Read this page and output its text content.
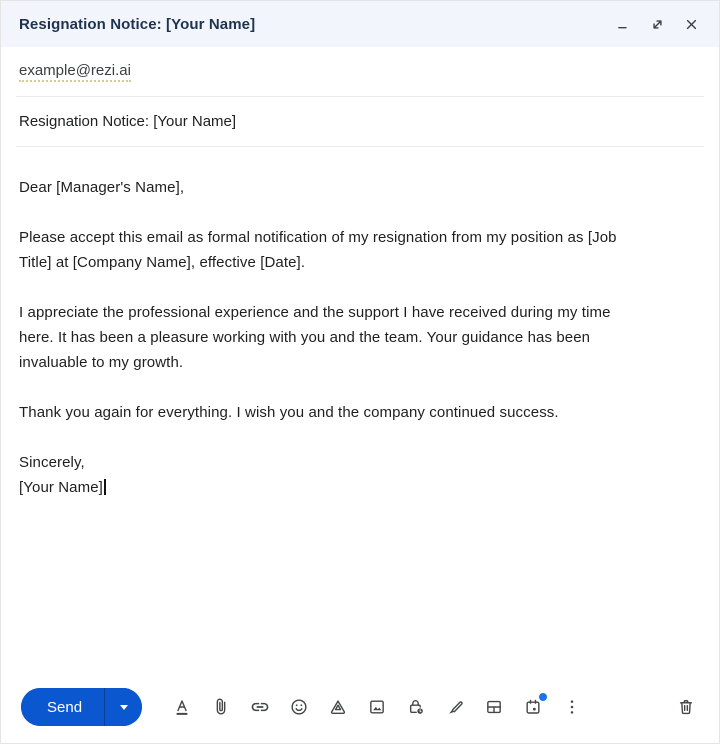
Resignation Notice: [Your Name]
example@rezi.ai
Resignation Notice: [Your Name]

Dear [Manager's Name],

Please accept this email as formal notification of my resignation from my position as [Job Title] at [Company Name], effective [Date].

I appreciate the professional experience and the support I have received during my time here. It has been a pleasure working with you and the team. Your guidance has been invaluable to my growth.

Thank you again for everything. I wish you and the company continued success.

Sincerely,

[Your Name]

Send
